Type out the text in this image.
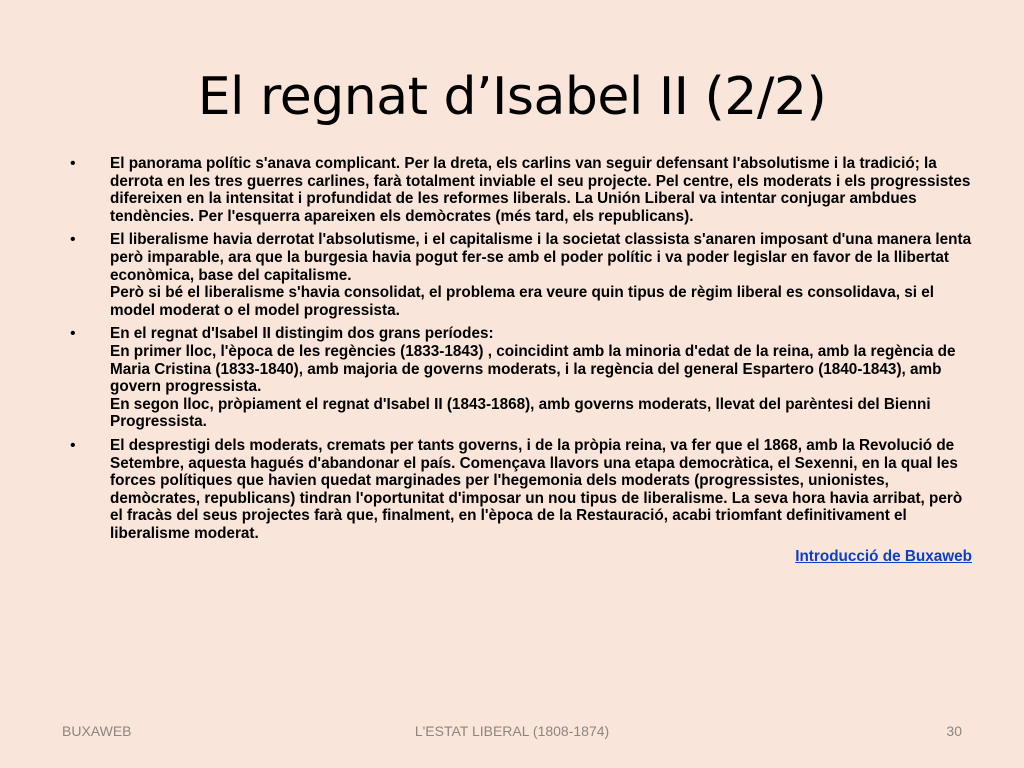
El regnat d’Isabel II (2/2)
• El panorama polític s'anava complicant. Per la dreta, els carlins van seguir defensant l'absolutisme i la tradició; la derrota en les tres guerres carlines, farà totalment inviable el seu projecte. Pel centre, els moderats i els progressistes difereixen en la intensitat i profundidat de les reformes liberals. La Unión Liberal va intentar conjugar ambdues tendències. Per l'esquerra apareixen els demòcrates (més tard, els republicans).
• El liberalisme havia derrotat l'absolutisme, i el capitalisme i la societat classista s'anaren imposant d'una manera lenta però imparable, ara que la burgesia havia pogut fer-se amb el poder polític i va poder legislar en favor de la llibertat econòmica, base del capitalisme.
Però si bé el liberalisme s'havia consolidat, el problema era veure quin tipus de règim liberal es consolidava, si el model moderat o el model progressista.
• En el regnat d'Isabel II distingim dos grans períodes:
En primer lloc, l'època de les regències (1833-1843) , coincidint amb la minoria d'edat de la reina, amb la regència de Maria Cristina (1833-1840), amb majoria de governs moderats, i la regència del general Espartero (1840-1843), amb govern progressista.
En segon lloc, pròpiament el regnat d'Isabel II (1843-1868), amb governs moderats, llevat del parèntesi del Bienni Progressista.
• El desprestigi dels moderats, cremats per tants governs, i de la pròpia reina, va fer que el 1868, amb la Revolució de Setembre, aquesta hagués d'abandonar el país. Començava llavors una etapa democràtica, el Sexenni, en la qual les forces polítiques que havien quedat marginades per l'hegemonia dels moderats (progressistes, unionistes, demòcrates, republicans) tindran l'oportunitat d'imposar un nou tipus de liberalisme. La seva hora havia arribat, però el fracàs del seus projectes farà que, finalment, en l'època de la Restauració, acabi triomfant definitivament el liberalisme moderat.
Introducció de Buxaweb
BUXAWEB	L'ESTAT LIBERAL (1808-1874)	30
